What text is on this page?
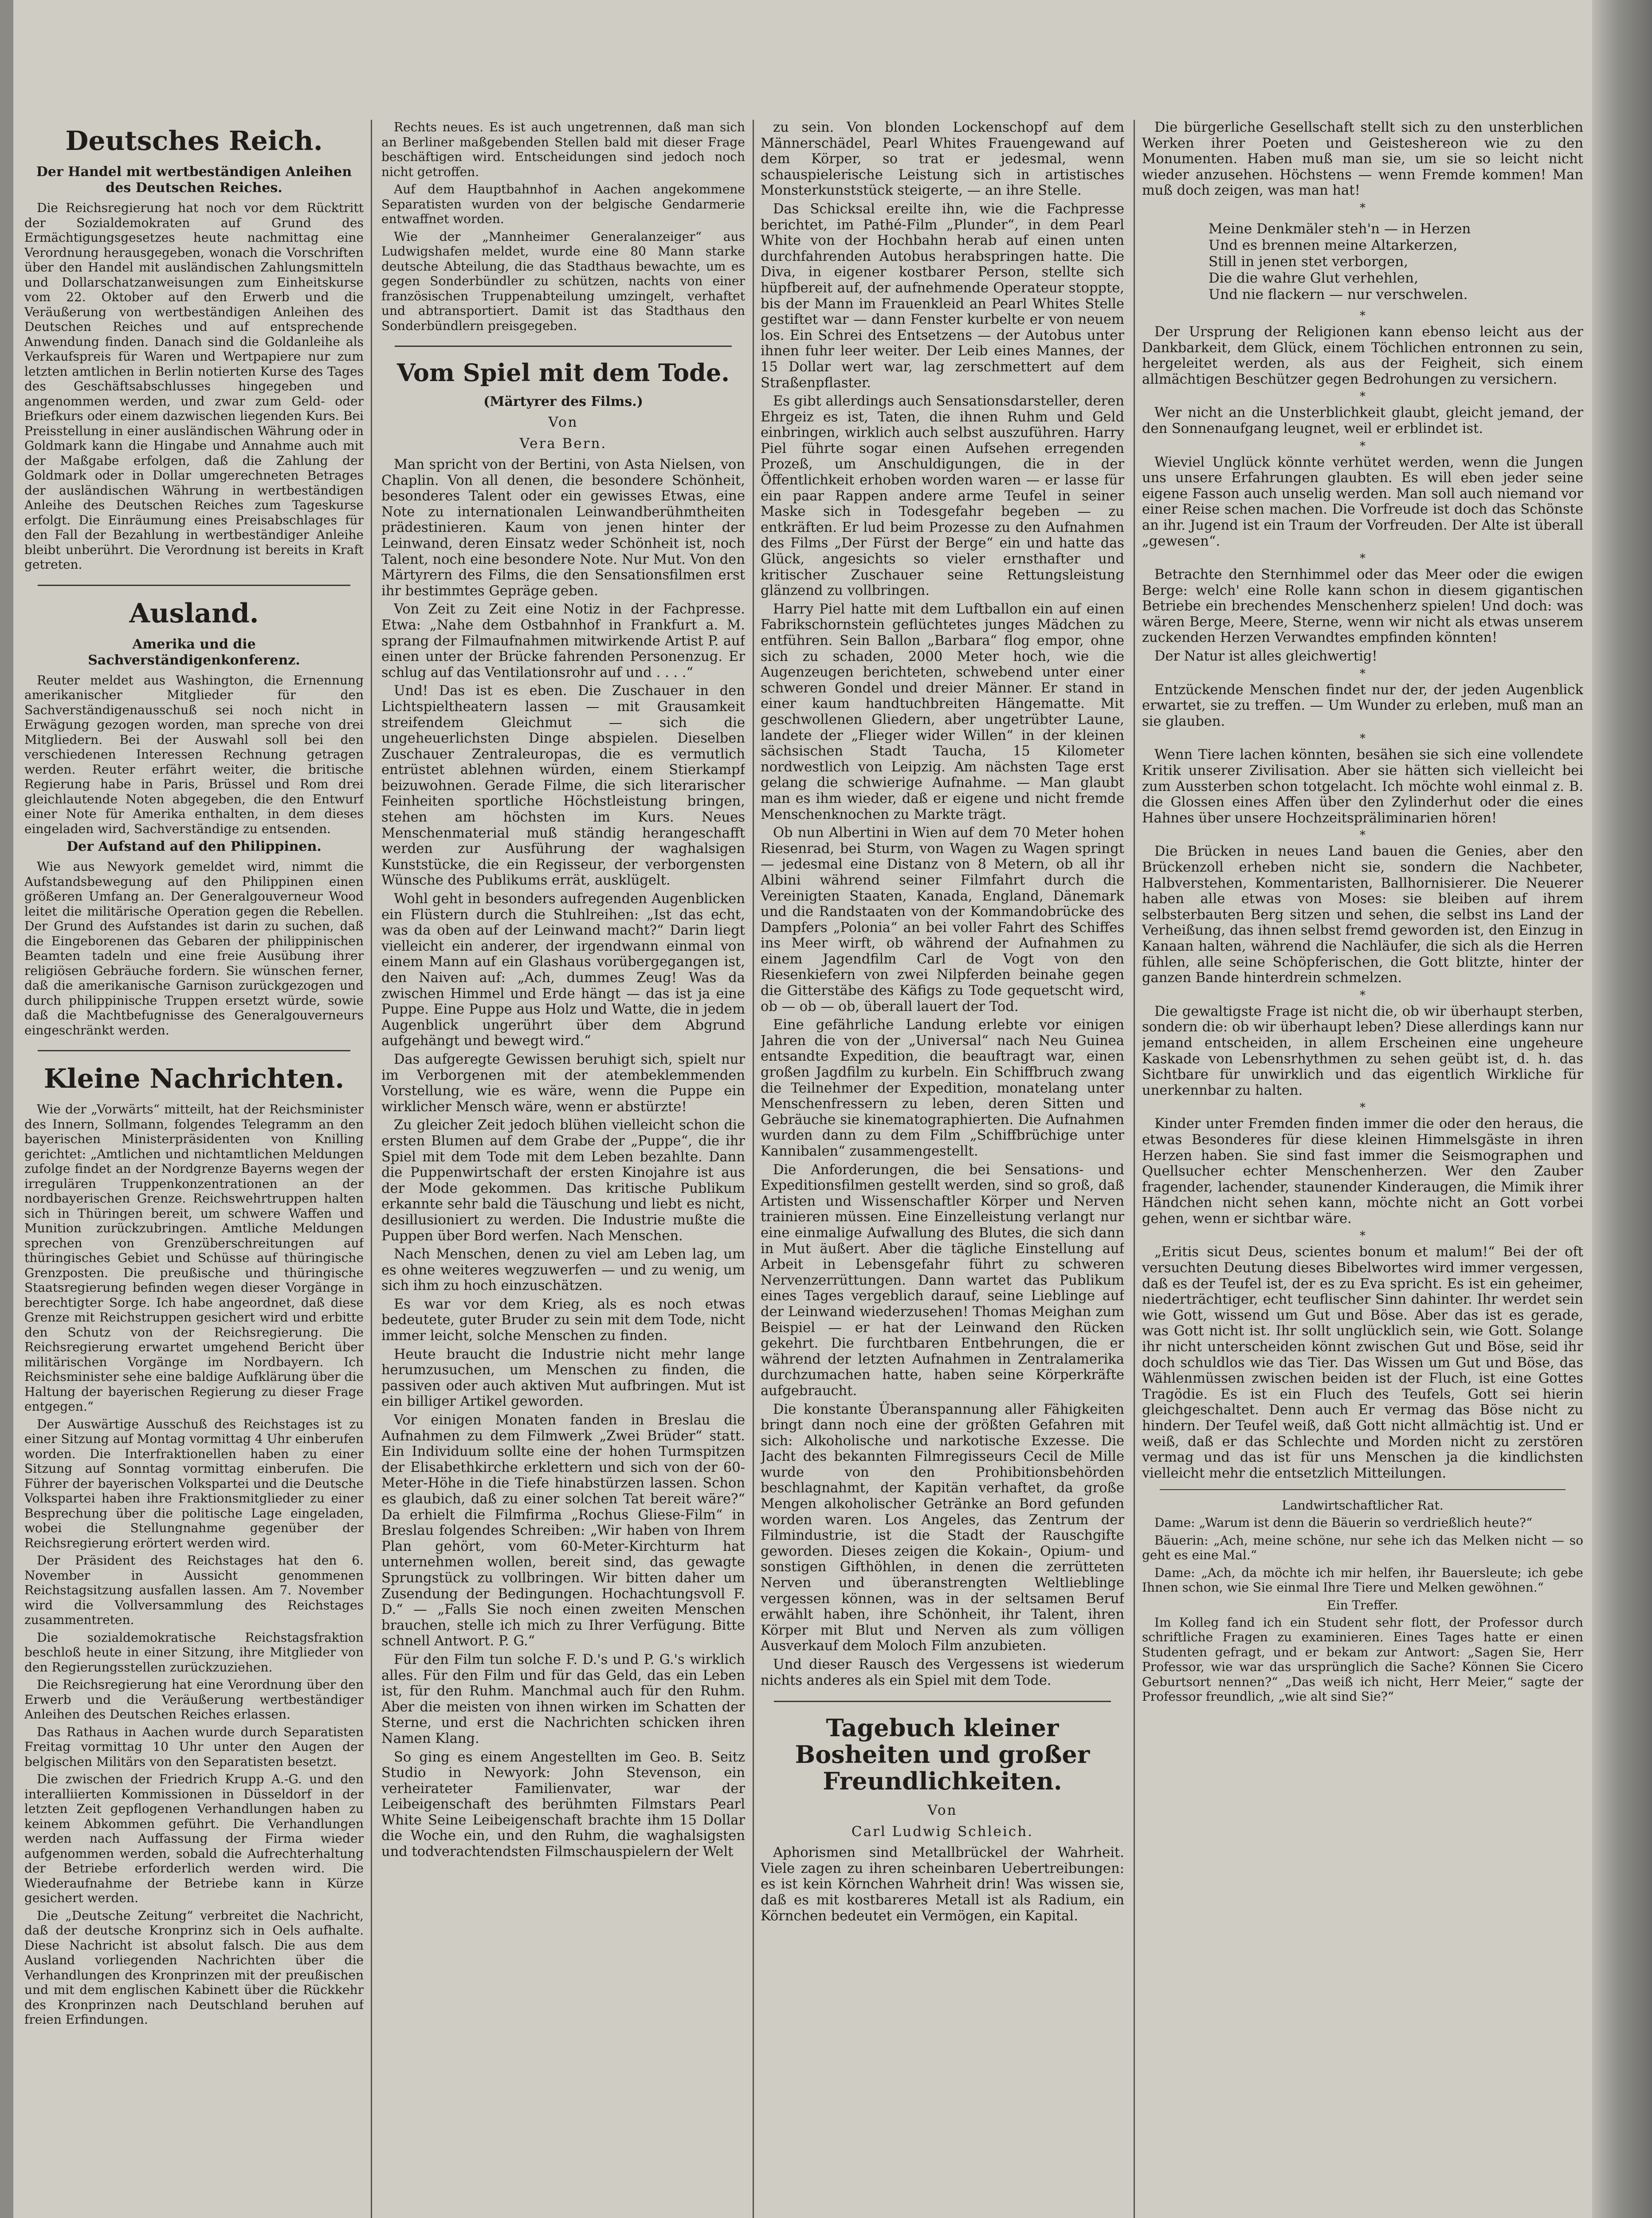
Deutsches Reich.
Der Handel mit wertbeständigen Anleihen des Deutschen Reiches.

Die Reichsregierung hat noch vor dem Rücktritt der Sozialdemokraten auf Grund des Ermächtigungsgesetzes heute nachmittag eine Verordnung herausgegeben, wonach die Vorschriften über den Handel mit ausländischen Zahlungsmitteln und Dollarschatzanweisungen zum Einheitskurse vom 22. Oktober auf den Erwerb und die Veräußerung von wertbeständigen Anleihen des Deutschen Reiches und auf entsprechende Anwendung finden. Danach sind die Goldanleihe als Verkaufspreis für Waren und Wertpapiere nur zum letzten amtlichen in Berlin notierten Kurse des Tages des Geschäftsabschlusses hingegeben und angenommen werden, und zwar zum Geld- oder Briefkurs oder einem dazwischen liegenden Kurs. Bei Preisstellung in einer ausländischen Währung oder in Goldmark kann die Hingabe und Annahme auch mit der Maßgabe erfolgen, daß die Zahlung der Goldmark oder in Dollar umgerechneten Betrages der ausländischen Währung in wertbeständigen Anleihe des Deutschen Reiches zum Tageskurse erfolgt. Die Einräumung eines Preisabschlages für den Fall der Bezahlung in wertbeständiger Anleihe bleibt unberührt. Die Verordnung ist bereits in Kraft getreten.

Ausland.
Amerika und die Sachverständigenkonferenz.

Reuter meldet aus Washington, die Ernennung amerikanischer Mitglieder für den Sachverständigenausschuß sei noch nicht in Erwägung gezogen worden, man spreche von drei Mitgliedern. Bei der Auswahl soll bei den verschiedenen Interessen Rechnung getragen werden. Reuter erfährt weiter, die britische Regierung habe in Paris, Brüssel und Rom drei gleichlautende Noten abgegeben, die den Entwurf einer Note für Amerika enthalten, in dem dieses eingeladen wird, Sachverständige zu entsenden.

Der Aufstand auf den Philippinen.

Wie aus Newyork gemeldet wird, nimmt die Aufstandsbewegung auf den Philippinen einen größeren Umfang an. Der Generalgouverneur Wood leitet die militärische Operation gegen die Rebellen. Der Grund des Aufstandes ist darin zu suchen, daß die Eingeborenen das Gebaren der philippinischen Beamten tadeln und eine freie Ausübung ihrer religiösen Gebräuche fordern. Sie wünschen ferner, daß die amerikanische Garnison zurückgezogen und durch philippinische Truppen ersetzt würde, sowie daß die Machtbefugnisse des Generalgouverneurs eingeschränkt werden.

Kleine Nachrichten.

Wie der „Vorwärts“ mitteilt, hat der Reichsminister des Innern, Sollmann, folgendes Telegramm an den bayerischen Ministerpräsidenten von Knilling gerichtet: „Amtlichen und nichtamtlichen Meldungen zufolge findet an der Nordgrenze Bayerns wegen der irregulären Truppenkonzentrationen an der nordbayerischen Grenze. Reichswehrtruppen halten sich in Thüringen bereit, um schwere Waffen und Munition zurückzubringen. Amtliche Meldungen sprechen von Grenzüberschreitungen auf thüringisches Gebiet und Schüsse auf thüringische Grenzposten. Die preußische und thüringische Staatsregierung befinden wegen dieser Vorgänge in berechtigter Sorge. Ich habe angeordnet, daß diese Grenze mit Reichstruppen gesichert wird und erbitte den Schutz von der Reichsregierung. Die Reichsregierung erwartet umgehend Bericht über militärischen Vorgänge im Nordbayern. Ich Reichsminister sehe eine baldige Aufklärung über die Haltung der bayerischen Regierung zu dieser Frage entgegen.“

Der Auswärtige Ausschuß des Reichstages ist zu einer Sitzung auf Montag vormittag 4 Uhr einberufen worden. Die Interfraktionellen haben zu einer Sitzung auf Sonntag vormittag einberufen. Die Führer der bayerischen Volkspartei und die Deutsche Volkspartei haben ihre Fraktionsmitglieder zu einer Besprechung über die politische Lage eingeladen, wobei die Stellungnahme gegenüber der Reichsregierung erörtert werden wird.

Der Präsident des Reichstages hat den 6. November in Aussicht genommenen Reichstagsitzung ausfallen lassen. Am 7. November wird die Vollversammlung des Reichstages zusammentreten.

Die sozialdemokratische Reichstagsfraktion beschloß heute in einer Sitzung, ihre Mitglieder von den Regierungsstellen zurückzuziehen.

Die Reichsregierung hat eine Verordnung über den Erwerb und die Veräußerung wertbeständiger Anleihen des Deutschen Reiches erlassen.

Das Rathaus in Aachen wurde durch Separatisten Freitag vormittag 10 Uhr unter den Augen der belgischen Militärs von den Separatisten besetzt.

Die zwischen der Friedrich Krupp A.-G. und den interalliierten Kommissionen in Düsseldorf in der letzten Zeit gepflogenen Verhandlungen haben zu keinem Abkommen geführt. Die Verhandlungen werden nach Auffassung der Firma wieder aufgenommen werden, sobald die Aufrechterhaltung der Betriebe erforderlich werden wird. Die Wiederaufnahme der Betriebe kann in Kürze gesichert werden.

Die „Deutsche Zeitung“ verbreitet die Nachricht, daß der deutsche Kronprinz sich in Oels aufhalte. Diese Nachricht ist absolut falsch. Die aus dem Ausland vorliegenden Nachrichten über die Verhandlungen des Kronprinzen mit der preußischen und mit dem englischen Kabinett über die Rückkehr des Kronprinzen nach Deutschland beruhen auf freien Erfindungen.

Rechts neues. Es ist auch ungetrennen, daß man sich an Berliner maßgebenden Stellen bald mit dieser Frage beschäftigen wird. Entscheidungen sind jedoch noch nicht getroffen.

Auf dem Hauptbahnhof in Aachen angekommene Separatisten wurden von der belgische Gendarmerie entwaffnet worden.

Wie der „Mannheimer Generalanzeiger“ aus Ludwigshafen meldet, wurde eine 80 Mann starke deutsche Abteilung, die das Stadthaus bewachte, um es gegen Sonderbündler zu schützen, nachts von einer französischen Truppenabteilung umzingelt, verhaftet und abtransportiert. Damit ist das Stadthaus den Sonderbündlern preisgegeben.

Vom Spiel mit dem Tode.
(Märtyrer des Films.)
Von
Vera Bern.

Man spricht von der Bertini, von Asta Nielsen, von Chaplin. Von all denen, die besondere Schönheit, besonderes Talent oder ein gewisses Etwas, eine Note zu internationalen Leinwandberühmtheiten prädestinieren. Kaum von jenen hinter der Leinwand, deren Einsatz weder Schönheit ist, noch Talent, noch eine besondere Note. Nur Mut. Von den Märtyrern des Films, die den Sensationsfilmen erst ihr bestimmtes Gepräge geben.

Von Zeit zu Zeit eine Notiz in der Fachpresse. Etwa: „Nahe dem Ostbahnhof in Frankfurt a. M. sprang der Filmaufnahmen mitwirkende Artist P. auf einen unter der Brücke fahrenden Personenzug. Er schlug auf das Ventilationsrohr auf und . . . .“

Und! Das ist es eben. Die Zuschauer in den Lichtspieltheatern lassen — mit Grausamkeit streifendem Gleichmut — sich die ungeheuerlichsten Dinge abspielen. Dieselben Zuschauer Zentraleuropas, die es vermutlich entrüstet ablehnen würden, einem Stierkampf beizuwohnen. Gerade Filme, die sich literarischer Feinheiten sportliche Höchstleistung bringen, stehen am höchsten im Kurs. Neues Menschenmaterial muß ständig herangeschafft werden zur Ausführung der waghalsigen Kunststücke, die ein Regisseur, der verborgensten Wünsche des Publikums errät, ausklügelt.

Wohl geht in besonders aufregenden Augenblicken ein Flüstern durch die Stuhlreihen: „Ist das echt, was da oben auf der Leinwand macht?“ Darin liegt vielleicht ein anderer, der irgendwann einmal von einem Mann auf ein Glashaus vorübergegangen ist, den Naiven auf: „Ach, dummes Zeug! Was da zwischen Himmel und Erde hängt — das ist ja eine Puppe. Eine Puppe aus Holz und Watte, die in jedem Augenblick ungerührt über dem Abgrund aufgehängt und bewegt wird.“

Das aufgeregte Gewissen beruhigt sich, spielt nur im Verborgenen mit der atembeklemmenden Vorstellung, wie es wäre, wenn die Puppe ein wirklicher Mensch wäre, wenn er abstürzte!

Zu gleicher Zeit jedoch blühen vielleicht schon die ersten Blumen auf dem Grabe der „Puppe“, die ihr Spiel mit dem Tode mit dem Leben bezahlte. Dann die Puppenwirtschaft der ersten Kinojahre ist aus der Mode gekommen. Das kritische Publikum erkannte sehr bald die Täuschung und liebt es nicht, desillusioniert zu werden. Die Industrie mußte die Puppen über Bord werfen. Nach Menschen.

Nach Menschen, denen zu viel am Leben lag, um es ohne weiteres wegzuwerfen — und zu wenig, um sich ihm zu hoch einzuschätzen.

Es war vor dem Krieg, als es noch etwas bedeutete, guter Bruder zu sein mit dem Tode, nicht immer leicht, solche Menschen zu finden.

Heute braucht die Industrie nicht mehr lange herumzusuchen, um Menschen zu finden, die passiven oder auch aktiven Mut aufbringen. Mut ist ein billiger Artikel geworden.

Vor einigen Monaten fanden in Breslau die Aufnahmen zu dem Filmwerk „Zwei Brüder“ statt. Ein Individuum sollte eine der hohen Turmspitzen der Elisabethkirche erklettern und sich von der 60-Meter-Höhe in die Tiefe hinabstürzen lassen. Schon es glaubich, daß zu einer solchen Tat bereit wäre?“ Da erhielt die Filmfirma „Rochus Gliese-Film“ in Breslau folgendes Schreiben: „Wir haben von Ihrem Plan gehört, vom 60-Meter-Kirchturm hat unternehmen wollen, bereit sind, das gewagte Sprungstück zu vollbringen. Wir bitten daher um Zusendung der Bedingungen. Hochachtungsvoll F. D.“ — „Falls Sie noch einen zweiten Menschen brauchen, stelle ich mich zu Ihrer Verfügung. Bitte schnell Antwort. P. G.“

Für den Film tun solche F. D.'s und P. G.'s wirklich alles. Für den Film und für das Geld, das ein Leben ist, für den Ruhm. Manchmal auch für den Ruhm. Aber die meisten von ihnen wirken im Schatten der Sterne, und erst die Nachrichten schicken ihren Namen Klang.

So ging es einem Angestellten im Geo. B. Seitz Studio in Newyork: John Stevenson, ein verheirateter Familienvater, war der Leibeigenschaft des berühmten Filmstars Pearl White Seine Leibeigenschaft brachte ihm 15 Dollar die Woche ein, und den Ruhm, die waghalsigsten und todverachtendsten Filmschauspielern der Welt

zu sein. Von blonden Lockenschopf auf dem Männerschädel, Pearl Whites Frauengewand auf dem Körper, so trat er jedesmal, wenn schauspielerische Leistung sich in artistisches Monsterkunststück steigerte, — an ihre Stelle.

Das Schicksal ereilte ihn, wie die Fachpresse berichtet, im Pathé-Film „Plunder“, in dem Pearl White von der Hochbahn herab auf einen unten durchfahrenden Autobus herabspringen hatte. Die Diva, in eigener kostbarer Person, stellte sich hüpfbereit auf, der aufnehmende Operateur stoppte, bis der Mann im Frauenkleid an Pearl Whites Stelle gestiftet war — dann Fenster kurbelte er von neuem los. Ein Schrei des Entsetzens — der Autobus unter ihnen fuhr leer weiter. Der Leib eines Mannes, der 15 Dollar wert war, lag zerschmettert auf dem Straßenpflaster.

Es gibt allerdings auch Sensationsdarsteller, deren Ehrgeiz es ist, Taten, die ihnen Ruhm und Geld einbringen, wirklich auch selbst auszuführen. Harry Piel führte sogar einen Aufsehen erregenden Prozeß, um Anschuldigungen, die in der Öffentlichkeit erhoben worden waren — er lasse für ein paar Rappen andere arme Teufel in seiner Maske sich in Todesgefahr begeben — zu entkräften. Er lud beim Prozesse zu den Aufnahmen des Films „Der Fürst der Berge“ ein und hatte das Glück, angesichts so vieler ernsthafter und kritischer Zuschauer seine Rettungsleistung glänzend zu vollbringen.

Harry Piel hatte mit dem Luftballon ein auf einen Fabrikschornstein geflüchtetes junges Mädchen zu entführen. Sein Ballon „Barbara“ flog empor, ohne sich zu schaden, 2000 Meter hoch, wie die Augenzeugen berichteten, schwebend unter einer schweren Gondel und dreier Männer. Er stand in einer kaum handtuchbreiten Hängematte. Mit geschwollenen Gliedern, aber ungetrübter Laune, landete der „Flieger wider Willen“ in der kleinen sächsischen Stadt Taucha, 15 Kilometer nordwestlich von Leipzig. Am nächsten Tage erst gelang die schwierige Aufnahme. — Man glaubt man es ihm wieder, daß er eigene und nicht fremde Menschenknochen zu Markte trägt.

Ob nun Albertini in Wien auf dem 70 Meter hohen Riesenrad, bei Sturm, von Wagen zu Wagen springt — jedesmal eine Distanz von 8 Metern, ob all ihr Albini während seiner Filmfahrt durch die Vereinigten Staaten, Kanada, England, Dänemark und die Randstaaten von der Kommandobrücke des Dampfers „Polonia“ an bei voller Fahrt des Schiffes ins Meer wirft, ob während der Aufnahmen zu einem Jagendfilm Carl de Vogt von den Riesenkiefern von zwei Nilpferden beinahe gegen die Gitterstäbe des Käfigs zu Tode gequetscht wird, ob — ob — ob, überall lauert der Tod.

Eine gefährliche Landung erlebte vor einigen Jahren die von der „Universal“ nach Neu Guinea entsandte Expedition, die beauftragt war, einen großen Jagdfilm zu kurbeln. Ein Schiffbruch zwang die Teilnehmer der Expedition, monatelang unter Menschenfressern zu leben, deren Sitten und Gebräuche sie kinematographierten. Die Aufnahmen wurden dann zu dem Film „Schiffbrüchige unter Kannibalen“ zusammengestellt.

Die Anforderungen, die bei Sensations- und Expeditionsfilmen gestellt werden, sind so groß, daß Artisten und Wissenschaftler Körper und Nerven trainieren müssen. Eine Einzelleistung verlangt nur eine einmalige Aufwallung des Blutes, die sich dann in Mut äußert. Aber die tägliche Einstellung auf Arbeit in Lebensgefahr führt zu schweren Nervenzerrüttungen. Dann wartet das Publikum eines Tages vergeblich darauf, seine Lieblinge auf der Leinwand wiederzusehen! Thomas Meighan zum Beispiel — er hat der Leinwand den Rücken gekehrt. Die furchtbaren Entbehrungen, die er während der letzten Aufnahmen in Zentralamerika durchzumachen hatte, haben seine Körperkräfte aufgebraucht.

Die konstante Überanspannung aller Fähigkeiten bringt dann noch eine der größten Gefahren mit sich: Alkoholische und narkotische Exzesse. Die Jacht des bekannten Filmregisseurs Cecil de Mille wurde von den Prohibitionsbehörden beschlagnahmt, der Kapitän verhaftet, da große Mengen alkoholischer Getränke an Bord gefunden worden waren. Los Angeles, das Zentrum der Filmindustrie, ist die Stadt der Rauschgifte geworden. Dieses zeigen die Kokain-, Opium- und sonstigen Gifthöhlen, in denen die zerrütteten Nerven und überanstrengten Weltlieblinge vergessen können, was in der seltsamen Beruf erwählt haben, ihre Schönheit, ihr Talent, ihren Körper mit Blut und Nerven als zum völligen Ausverkauf dem Moloch Film anzubieten.

Und dieser Rausch des Vergessens ist wiederum nichts anderes als ein Spiel mit dem Tode.

Tagebuch kleiner Bosheiten und großer Freundlichkeiten.
Von
Carl Ludwig Schleich.

Aphorismen sind Metallbrückel der Wahrheit. Viele zagen zu ihren scheinbaren Uebertreibungen: es ist kein Körnchen Wahrheit drin! Was wissen sie, daß es mit kostbareres Metall ist als Radium, ein Körnchen bedeutet ein Vermögen, ein Kapital.

Die bürgerliche Gesellschaft stellt sich zu den unsterblichen Werken ihrer Poeten und Geisteshereon wie zu den Monumenten. Haben muß man sie, um sie so leicht nicht wieder anzusehen. Höchstens — wenn Fremde kommen! Man muß doch zeigen, was man hat!

*
Meine Denkmäler steh'n — in Herzen
Und es brennen meine Altarkerzen,
Still in jenen stet verborgen,
Die die wahre Glut verhehlen,
Und nie flackern — nur verschwelen.
*

Der Ursprung der Religionen kann ebenso leicht aus der Dankbarkeit, dem Glück, einem Töchlichen entronnen zu sein, hergeleitet werden, als aus der Feigheit, sich einem allmächtigen Beschützer gegen Bedrohungen zu versichern.

*

Wer nicht an die Unsterblichkeit glaubt, gleicht jemand, der den Sonnenaufgang leugnet, weil er erblindet ist.

*

Wieviel Unglück könnte verhütet werden, wenn die Jungen uns unsere Erfahrungen glaubten. Es will eben jeder seine eigene Fasson auch unselig werden. Man soll auch niemand vor einer Reise schen machen. Die Vorfreude ist doch das Schönste an ihr. Jugend ist ein Traum der Vorfreuden. Der Alte ist überall „gewesen“.

*

Betrachte den Sternhimmel oder das Meer oder die ewigen Berge: welch' eine Rolle kann schon in diesem gigantischen Betriebe ein brechendes Menschenherz spielen! Und doch: was wären Berge, Meere, Sterne, wenn wir nicht als etwas unserem zuckenden Herzen Verwandtes empfinden könnten!

Der Natur ist alles gleichwertig!

*

Entzückende Menschen findet nur der, der jeden Augenblick erwartet, sie zu treffen. — Um Wunder zu erleben, muß man an sie glauben.

*

Wenn Tiere lachen könnten, besähen sie sich eine vollendete Kritik unserer Zivilisation. Aber sie hätten sich vielleicht bei zum Aussterben schon totgelacht. Ich möchte wohl einmal z. B. die Glossen eines Affen über den Zylinderhut oder die eines Hahnes über unsere Hochzeitspräliminarien hören!

*

Die Brücken in neues Land bauen die Genies, aber den Brückenzoll erheben nicht sie, sondern die Nachbeter, Halbverstehen, Kommentaristen, Ballhornisierer. Die Neuerer haben alle etwas von Moses: sie bleiben auf ihrem selbsterbauten Berg sitzen und sehen, die selbst ins Land der Verheißung, das ihnen selbst fremd geworden ist, den Einzug in Kanaan halten, während die Nachläufer, die sich als die Herren fühlen, alle seine Schöpferischen, die Gott blitzte, hinter der ganzen Bande hinterdrein schmelzen.

*

Die gewaltigste Frage ist nicht die, ob wir überhaupt sterben, sondern die: ob wir überhaupt leben? Diese allerdings kann nur jemand entscheiden, in allem Erscheinen eine ungeheure Kaskade von Lebensrhythmen zu sehen geübt ist, d. h. das Sichtbare für unwirklich und das eigentlich Wirkliche für unerkennbar zu halten.

*

Kinder unter Fremden finden immer die oder den heraus, die etwas Besonderes für diese kleinen Himmelsgäste in ihren Herzen haben. Sie sind fast immer die Seismographen und Quellsucher echter Menschenherzen. Wer den Zauber fragender, lachender, staunender Kinderaugen, die Mimik ihrer Händchen nicht sehen kann, möchte nicht an Gott vorbei gehen, wenn er sichtbar wäre.

*

„Eritis sicut Deus, scientes bonum et malum!“ Bei der oft versuchten Deutung dieses Bibelwortes wird immer vergessen, daß es der Teufel ist, der es zu Eva spricht. Es ist ein geheimer, niederträchtiger, echt teuflischer Sinn dahinter. Ihr werdet sein wie Gott, wissend um Gut und Böse. Aber das ist es gerade, was Gott nicht ist. Ihr sollt unglücklich sein, wie Gott. Solange ihr nicht unterscheiden könnt zwischen Gut und Böse, seid ihr doch schuldlos wie das Tier. Das Wissen um Gut und Böse, das Wählenmüssen zwischen beiden ist der Fluch, ist eine Gottes Tragödie. Es ist ein Fluch des Teufels, Gott sei hierin gleichgeschaltet. Denn auch Er vermag das Böse nicht zu hindern. Der Teufel weiß, daß Gott nicht allmächtig ist. Und er weiß, daß er das Schlechte und Morden nicht zu zerstören vermag und das ist für uns Menschen ja die kindlichsten vielleicht mehr die entsetzlich Mitteilungen.

Landwirtschaftlicher Rat.

Dame: „Warum ist denn die Bäuerin so verdrießlich heute?“

Bäuerin: „Ach, meine schöne, nur sehe ich das Melken nicht — so geht es eine Mal.“

Dame: „Ach, da möchte ich mir helfen, ihr Bauersleute; ich gebe Ihnen schon, wie Sie einmal Ihre Tiere und Melken gewöhnen.“

Ein Treffer.

Im Kolleg fand ich ein Student sehr flott, der Professor durch schriftliche Fragen zu examinieren. Eines Tages hatte er einen Studenten gefragt, und er bekam zur Antwort: „Sagen Sie, Herr Professor, wie war das ursprünglich die Sache? Können Sie Cicero Geburtsort nennen?“ „Das weiß ich nicht, Herr Meier,“ sagte der Professor freundlich, „wie alt sind Sie?“
